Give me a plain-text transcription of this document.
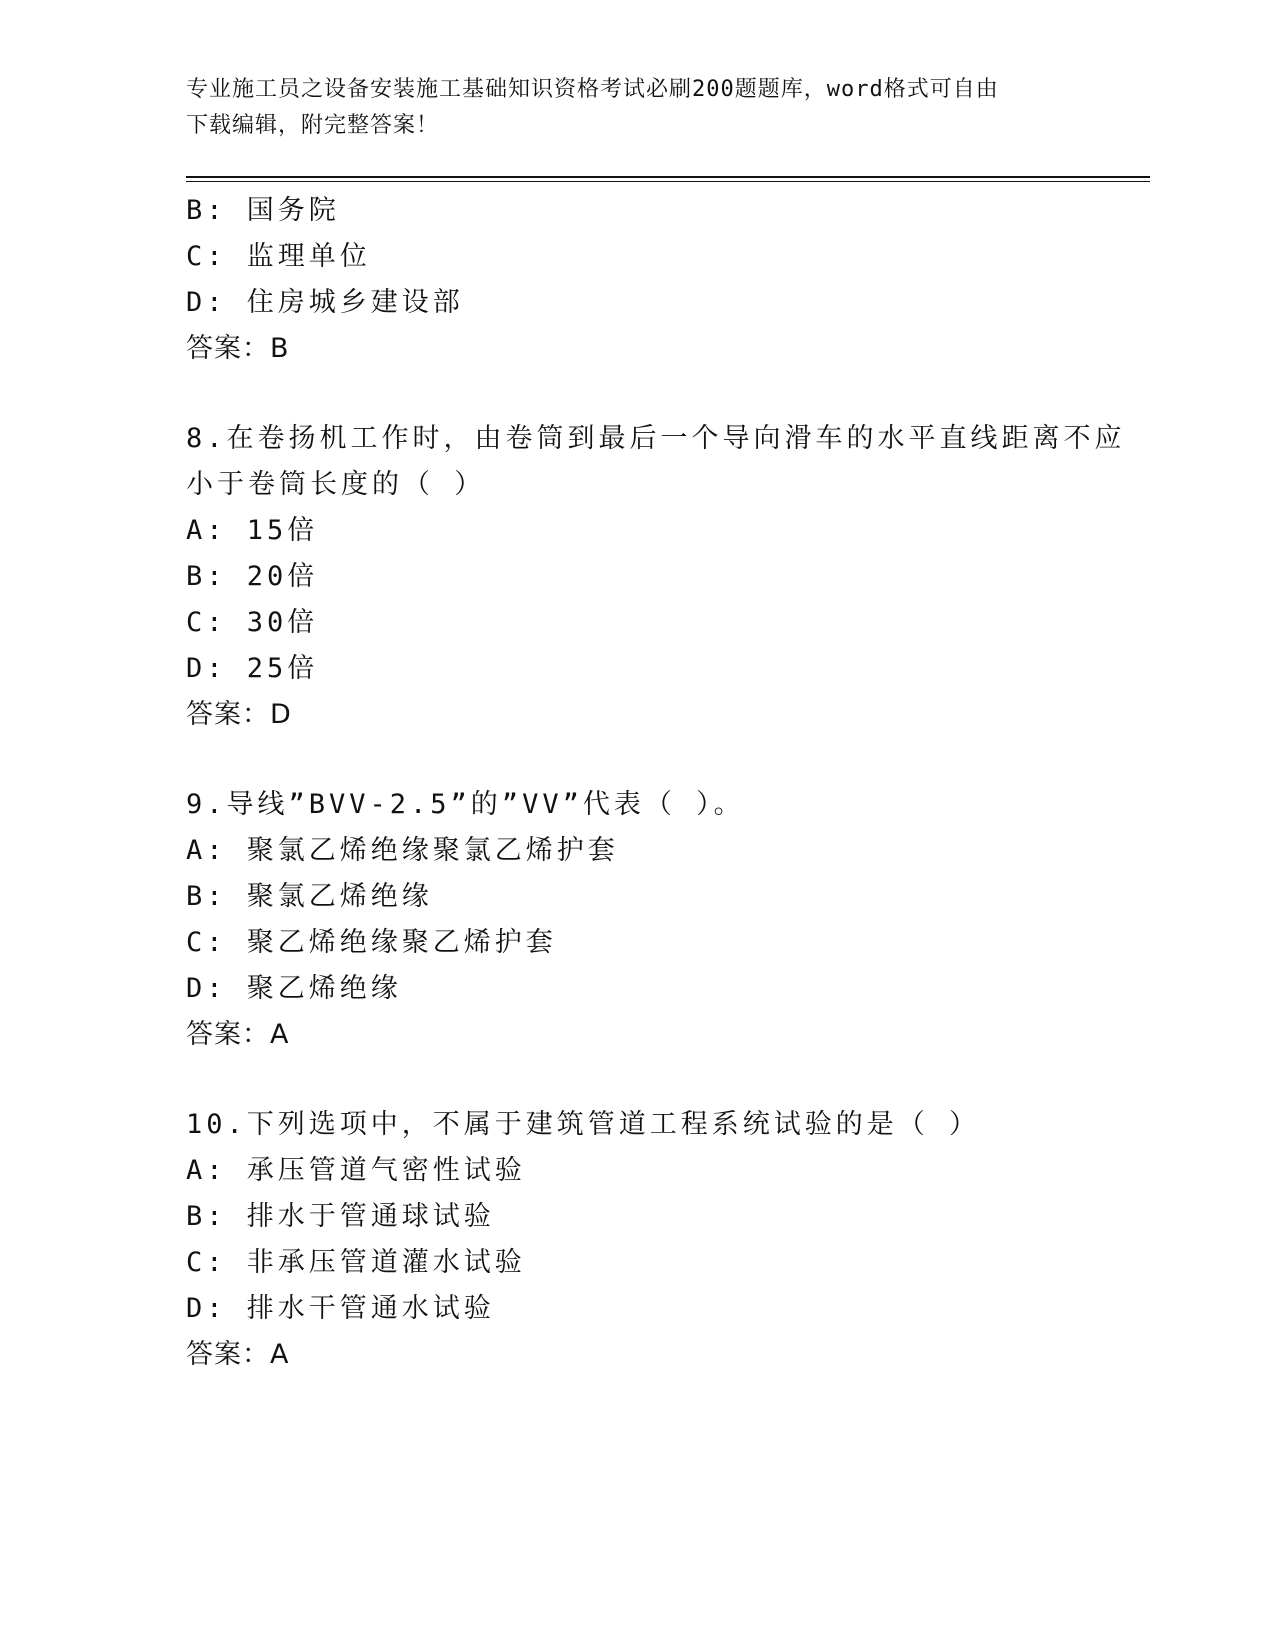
专业施工员之设备安装施工基础知识资格考试必刷200题题库，word格式可自由
下载编辑，附完整答案！
B: 国务院
C: 监理单位
D: 住房城乡建设部
答案：B
8.在卷扬机工作时，由卷筒到最后一个导向滑车的水平直线距离不应
小于卷筒长度的（ ）
A: 15倍
B: 20倍
C: 30倍
D: 25倍
答案：D
9.导线”BVV-2.5”的”VV”代表（ ）。
A: 聚氯乙烯绝缘聚氯乙烯护套
B: 聚氯乙烯绝缘
C: 聚乙烯绝缘聚乙烯护套
D: 聚乙烯绝缘
答案：A
10.下列选项中，不属于建筑管道工程系统试验的是（ ）
A: 承压管道气密性试验
B: 排水于管通球试验
C: 非承压管道灌水试验
D: 排水干管通水试验
答案：A
